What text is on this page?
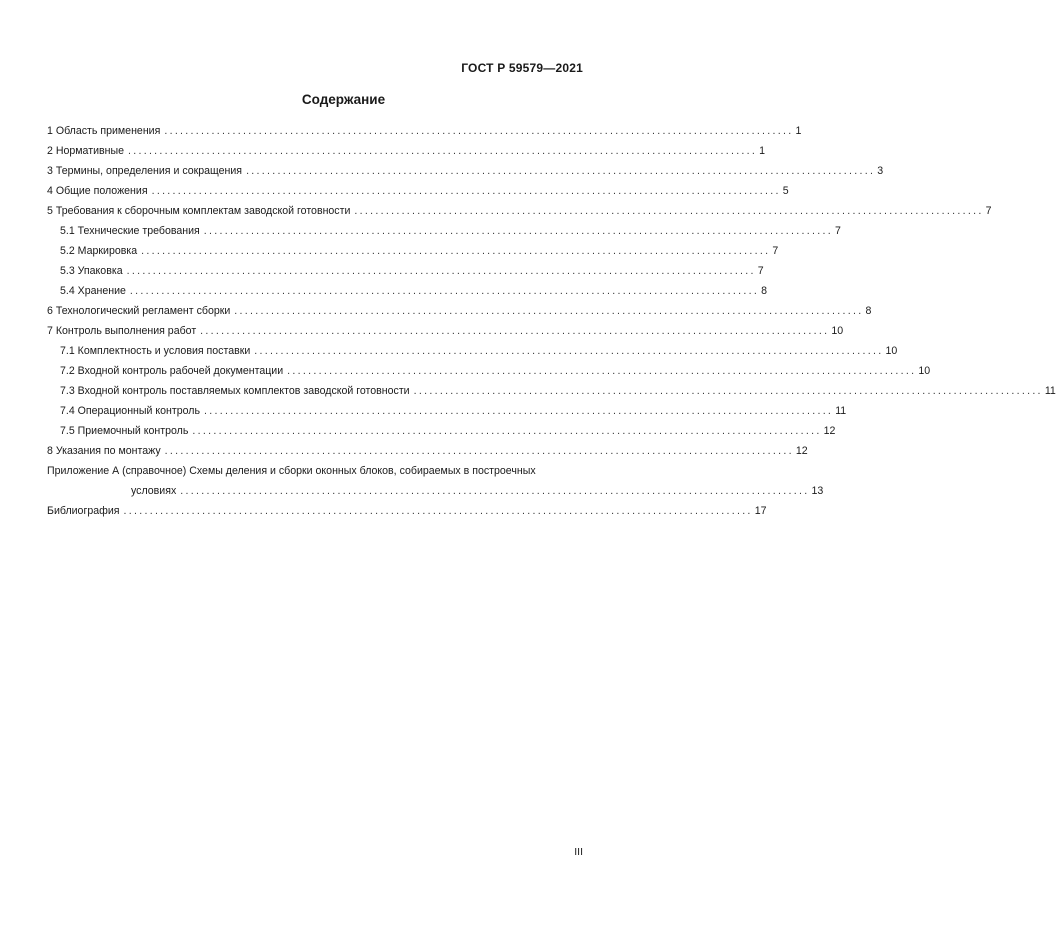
ГОСТ Р 59579—2021
Содержание
1 Область применения ........................................................................................................................ 1
2 Нормативные ........................................................................................................................ 1
3 Термины, определения и сокращения ........................................................................................................................ 3
4 Общие положения ........................................................................................................................ 5
5 Требования к сборочным комплектам заводской готовности ........................................................................................................................ 7
5.1 Технические требования ........................................................................................................................ 7
5.2 Маркировка ........................................................................................................................ 7
5.3 Упаковка ........................................................................................................................ 7
5.4 Хранение ........................................................................................................................ 8
6 Технологический регламент сборки ........................................................................................................................ 8
7 Контроль выполнения работ ........................................................................................................................ 10
7.1 Комплектность и условия поставки ........................................................................................................................ 10
7.2 Входной контроль рабочей документации ........................................................................................................................ 10
7.3 Входной контроль поставляемых комплектов заводской готовности ........................................................................................................................ 11
7.4 Операционный контроль ........................................................................................................................ 11
7.5 Приемочный контроль ........................................................................................................................ 12
8 Указания по монтажу ........................................................................................................................ 12
Приложение А (справочное) Схемы деления и сборки оконных блоков, собираемых в построечных
условиях ........................................................................................................................ 13
Библиография ........................................................................................................................ 17
III
